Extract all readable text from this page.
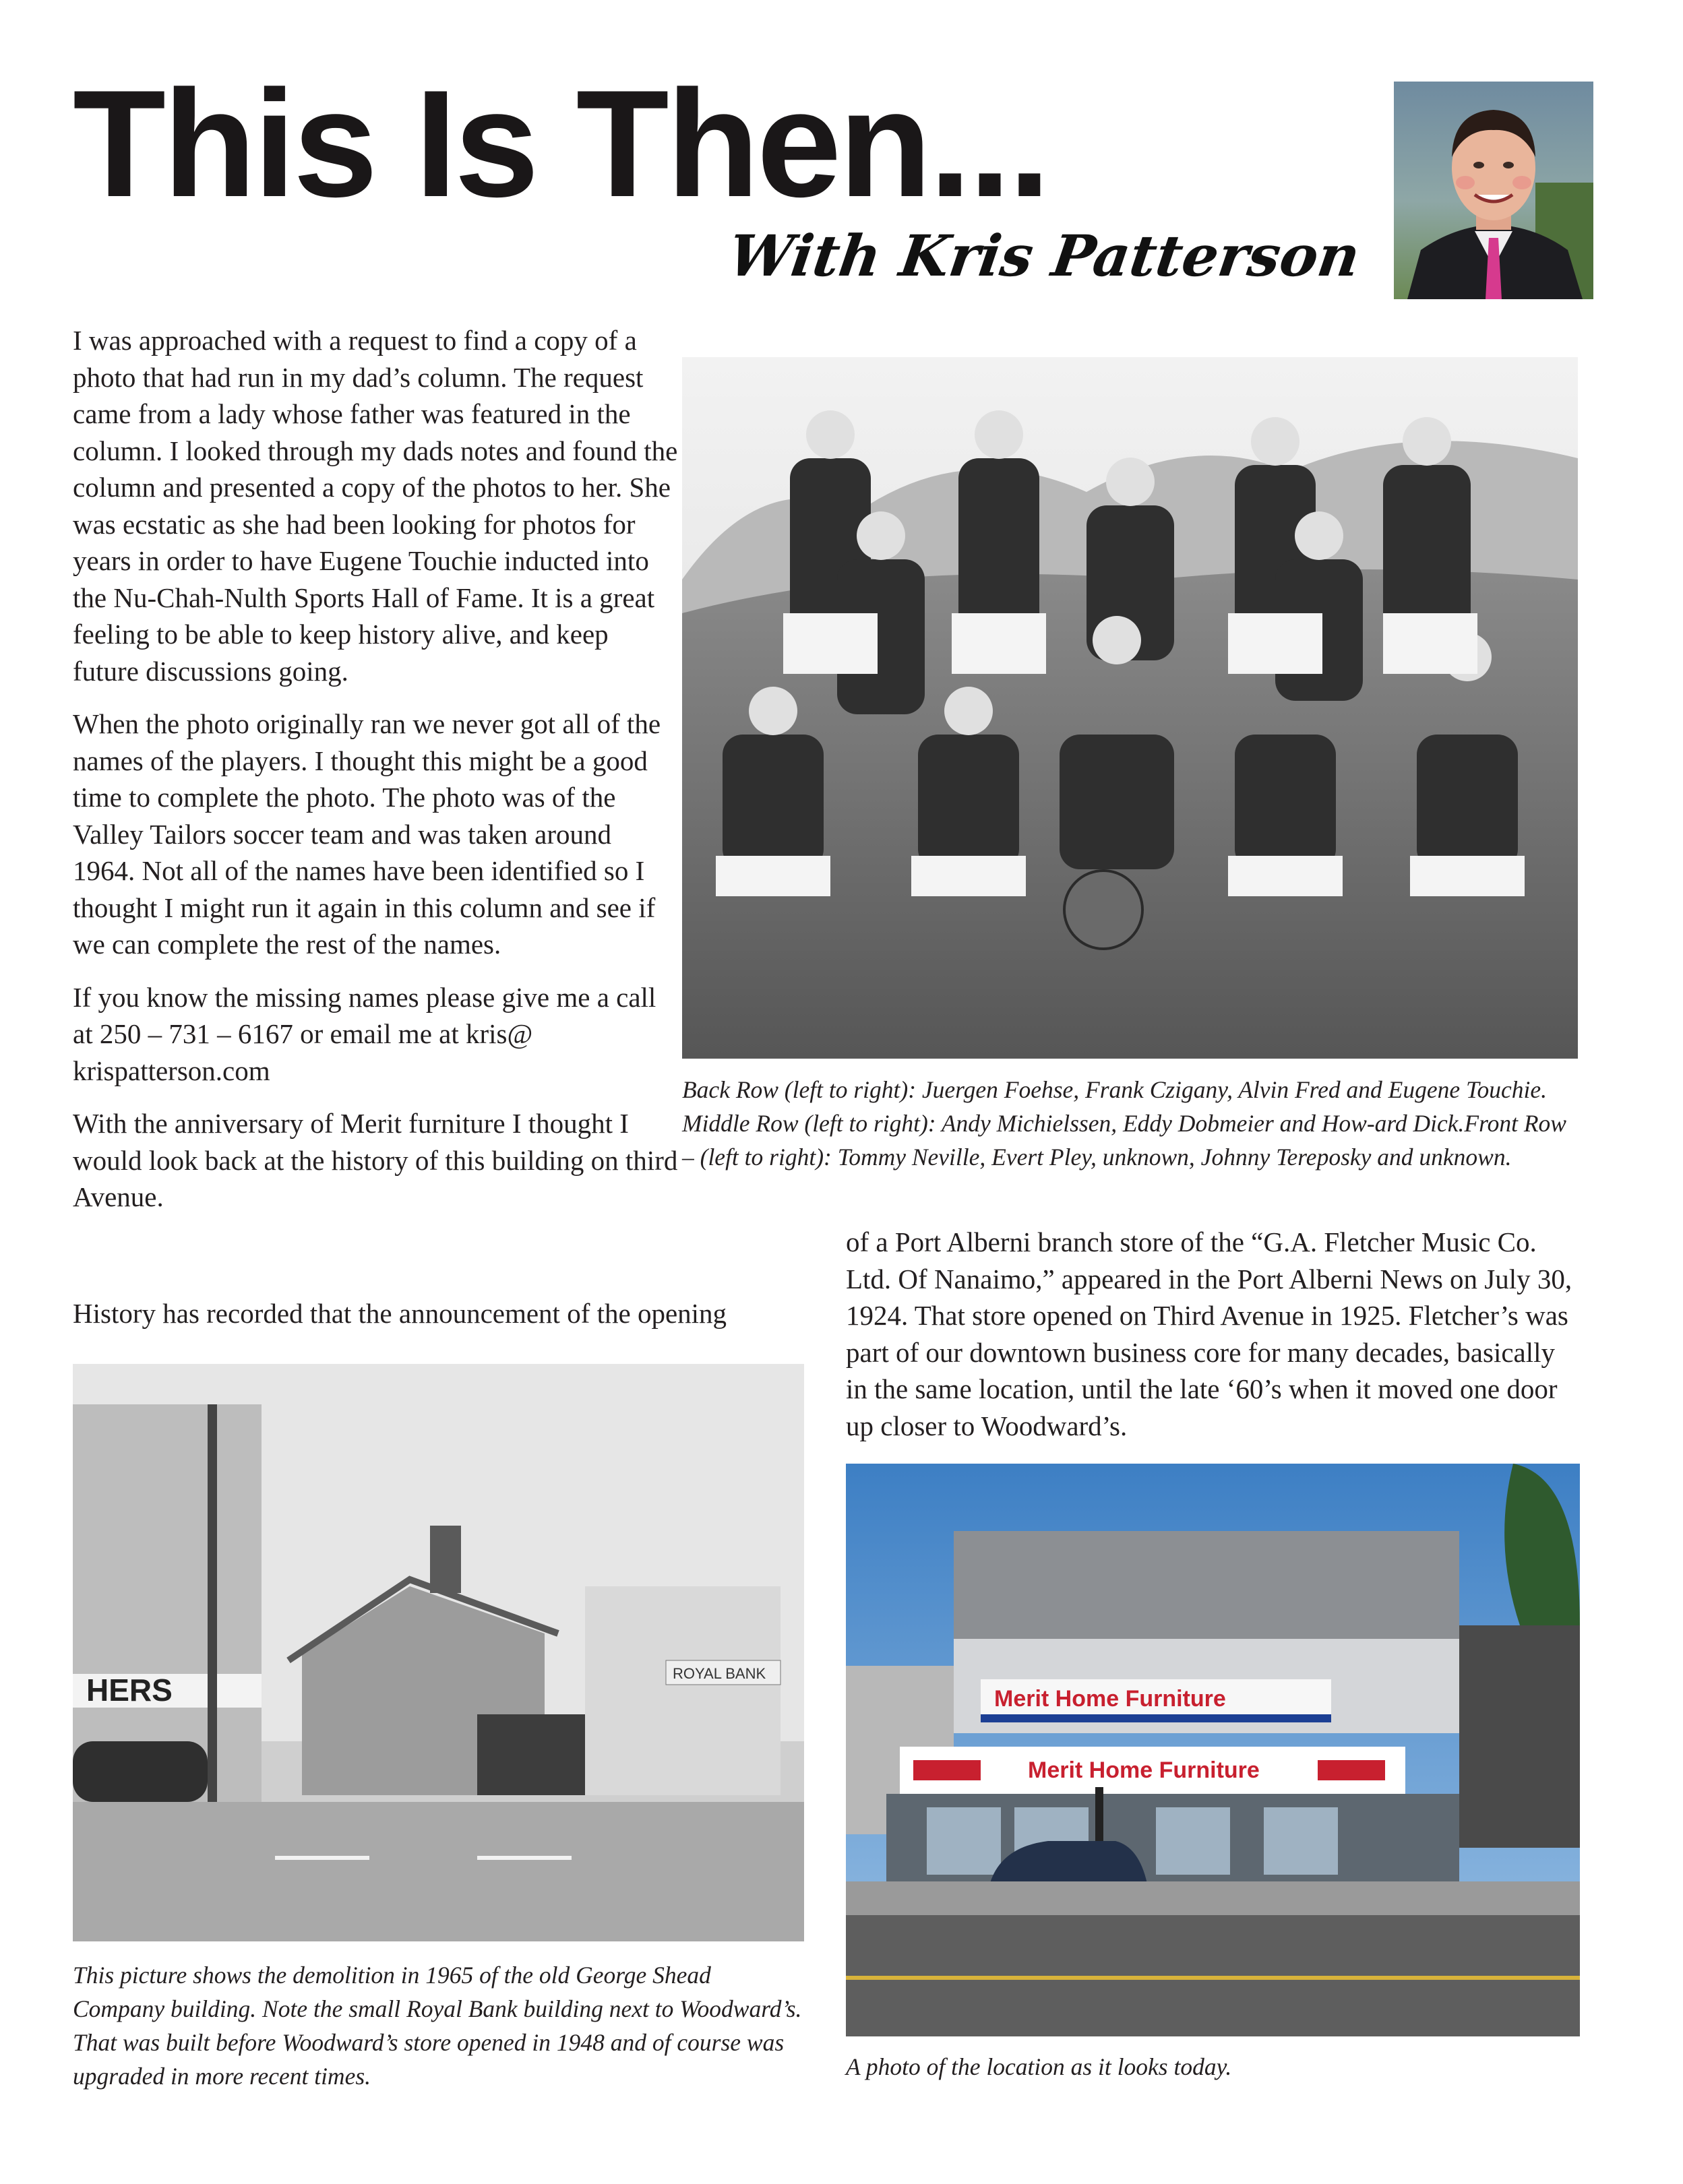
This Is Then...
With Kris Patterson

I was approached with a request to find a copy of a photo that had run in my dad’s column. The request came from a lady whose father was featured in the column. I looked through my dads notes and found the column and presented a copy of the photos to her. She was ecstatic as she had been looking for photos for years in order to have Eugene Touchie inducted into the Nu-Chah-Nulth Sports Hall of Fame. It is a great feeling to be able to keep history alive, and keep future discussions going.

When the photo originally ran we never got all of the names of the players. I thought this might be a good time to complete the photo. The photo was of the Valley Tailors soccer team and was taken around 1964. Not all of the names have been identified so I thought I might run it again in this column and see if we can complete the rest of the names.

If you know the missing names please give me a call at 250 – 731 – 6167 or email me at kris@ krispatterson.com

With the anniversary of Merit furniture I thought I would look back at the history of this building on third Avenue.

History has recorded that the announcement of the opening

Back Row (left to right): Juergen Foehse, Frank Czigany, Alvin Fred and Eugene Touchie. Middle Row (left to right): Andy Michielssen, Eddy Dobmeier and How-ard Dick.Front Row – (left to right): Tommy Neville, Evert Pley, unknown, Johnny Tereposky and unknown.

of a Port Alberni branch store of the “G.A. Fletcher Music Co. Ltd. Of Nanaimo,” appeared in the Port Alberni News on July 30, 1924. That store opened on Third Avenue in 1925. Fletcher’s was part of our downtown business core for many decades, basically in the same location, until the late ‘60’s when it moved one door up closer to Woodward’s.
HERS	ROYAL BANK

This picture shows the demolition in 1965 of the old George Shead Company building. Note the small Royal Bank building next to Woodward’s. That was built before Woodward’s store opened in 1948 and of course was upgraded in more recent times.

Merit Home Furniture
Merit Home Furniture

A photo of the location as it looks today.
